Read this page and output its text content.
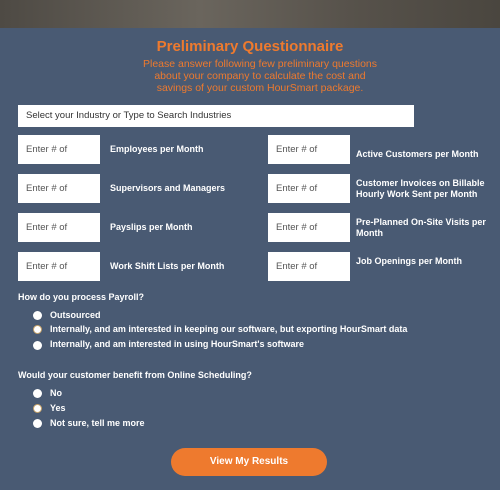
Preliminary Questionnaire
Please answer following few preliminary questions about your company to calculate the cost and savings of your custom HourSmart package.
Select your Industry or Type to Search Industries
Enter # of	Employees per Month
Enter # of	Supervisors and Managers
Enter # of	Payslips per Month
Enter # of	Work Shift Lists per Month
Enter # of	Active Customers per Month
Enter # of	Customer Invoices on Billable Hourly Work Sent per Month
Enter # of	Pre-Planned On-Site Visits per Month
Enter # of	Job Openings per Month
How do you process Payroll?
Outsourced
Internally, and am interested in keeping our software, but exporting HourSmart data
Internally, and am interested in using HourSmart's software
Would your customer benefit from Online Scheduling?
No
Yes
Not sure, tell me more
View My Results
